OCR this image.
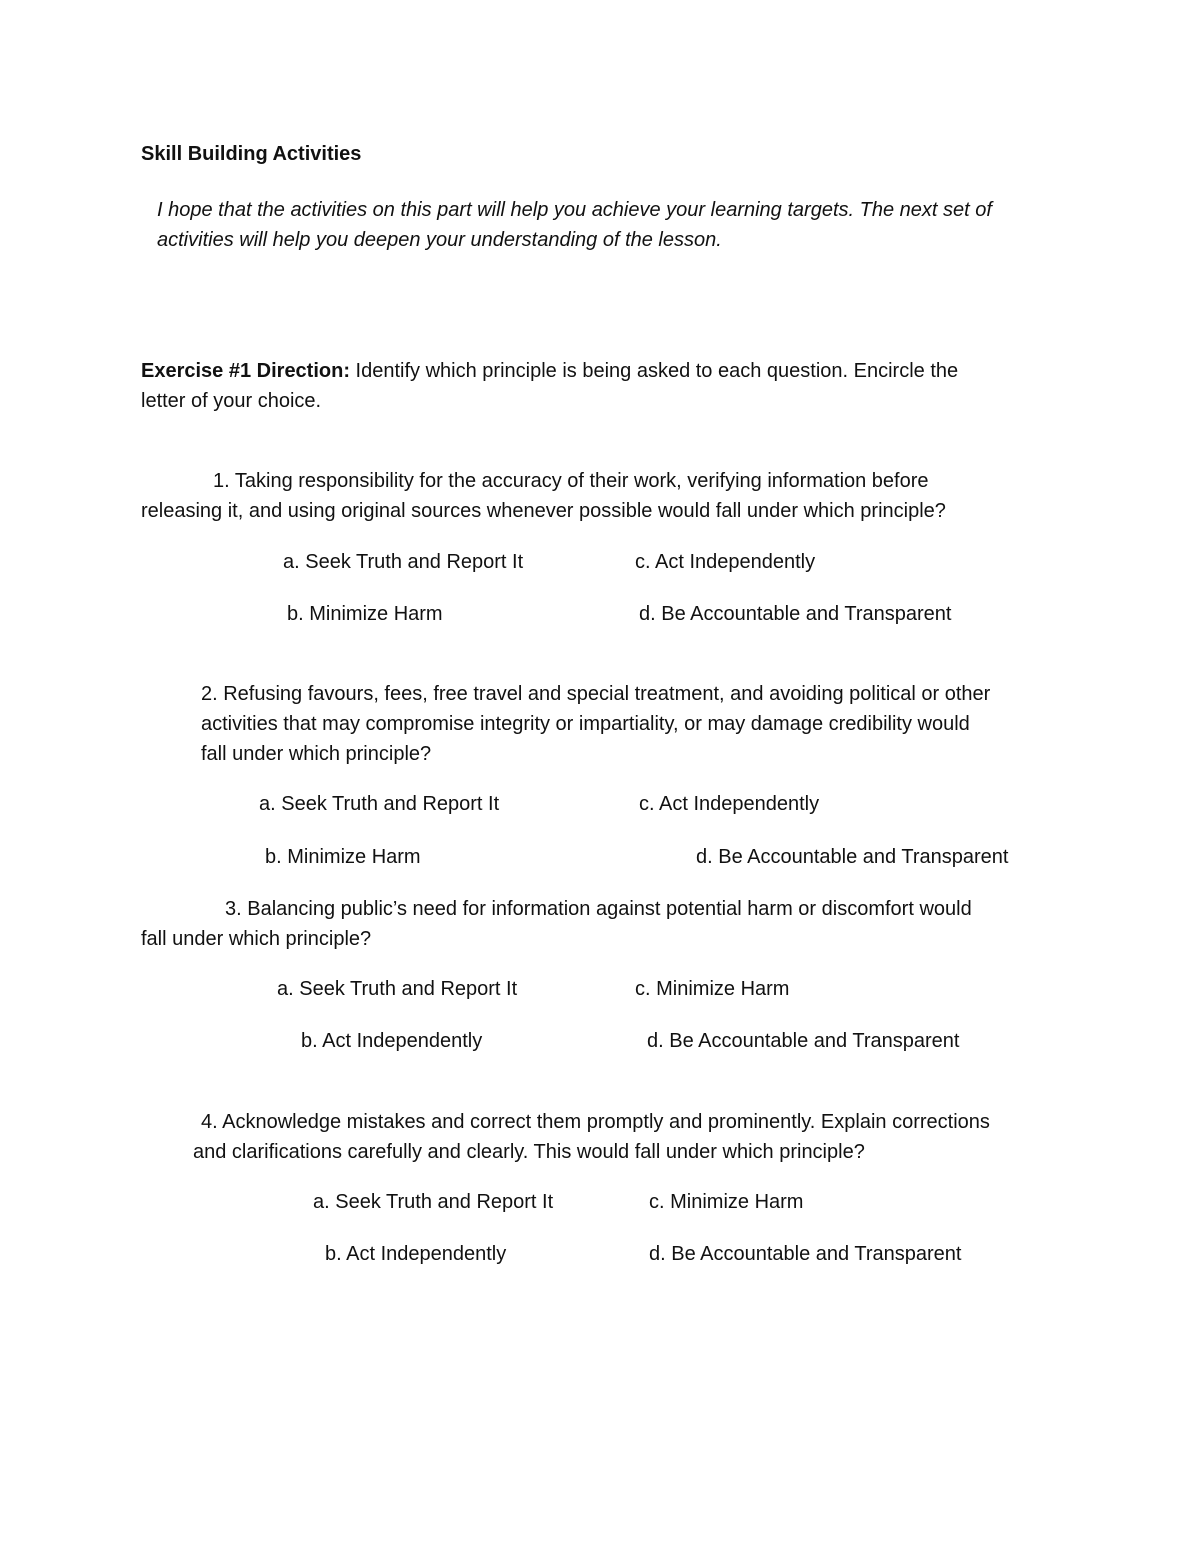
Skill Building Activities

I hope that the activities on this part will help you achieve your learning targets. The next set of

activities will help you deepen your understanding of the lesson.

Exercise #1 Direction: Identify which principle is being asked to each question. Encircle the

letter of your choice.

1. Taking responsibility for the accuracy of their work, verifying information before

releasing it, and using original sources whenever possible would fall under which principle?

a. Seek Truth and Report It	c. Act Independently

b. Minimize Harm	d. Be Accountable and Transparent

2. Refusing favours, fees, free travel and special treatment, and avoiding political or other

activities that may compromise integrity or impartiality, or may damage credibility would

fall under which principle?

a. Seek Truth and Report It	c. Act Independently

b. Minimize Harm	d. Be Accountable and Transparent

3. Balancing public’s need for information against potential harm or discomfort would

fall under which principle?

a. Seek Truth and Report It	c. Minimize Harm

b. Act Independently	d. Be Accountable and Transparent

4. Acknowledge mistakes and correct them promptly and prominently. Explain corrections

and clarifications carefully and clearly. This would fall under which principle?

a. Seek Truth and Report It	c. Minimize Harm

b. Act Independently	d. Be Accountable and Transparent
